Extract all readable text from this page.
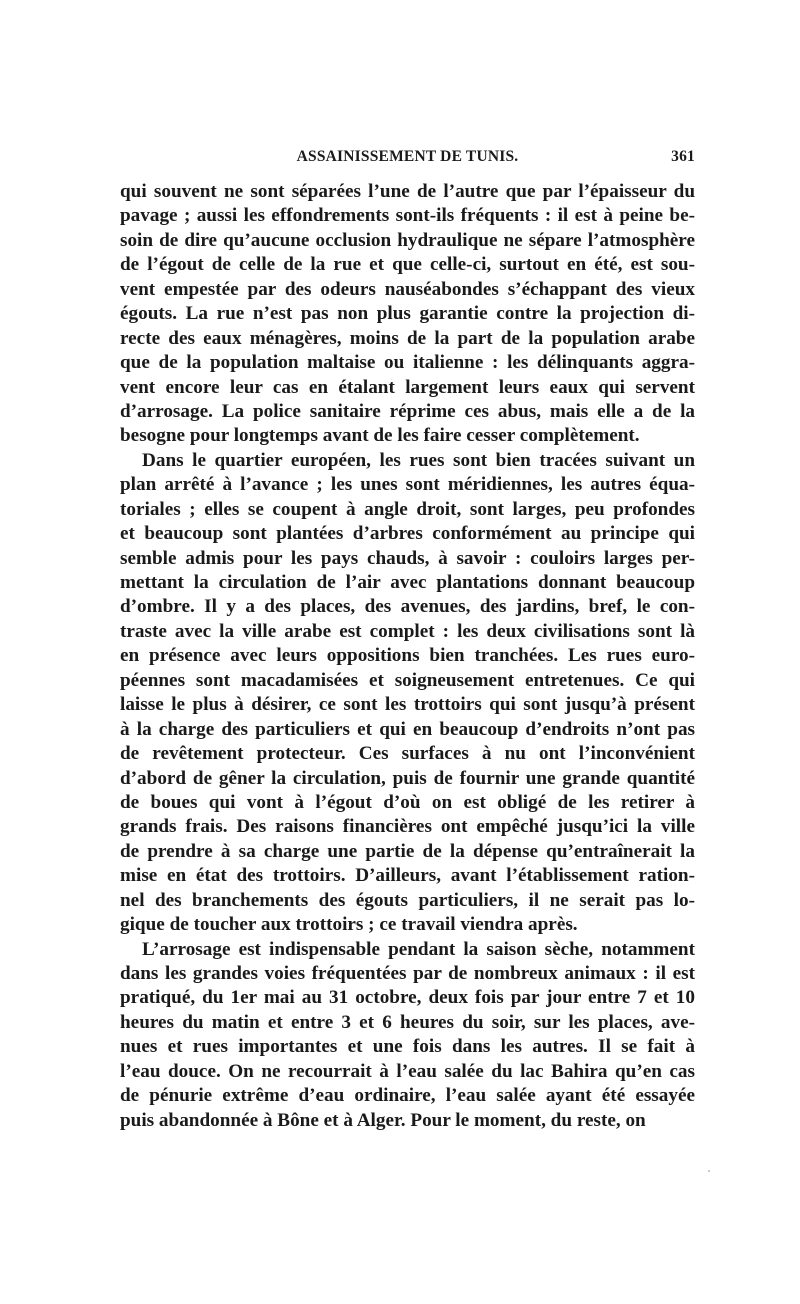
ASSAINISSEMENT DE TUNIS.	361
qui souvent ne sont séparées l’une de l’autre que par l’épaisseur du
pavage ; aussi les effondrements sont-ils fréquents : il est à peine be-
soin de dire qu’aucune occlusion hydraulique ne sépare l’atmosphère
de l’égout de celle de la rue et que celle-ci, surtout en été, est sou-
vent empestée par des odeurs nauséabondes s’échappant des vieux
égouts. La rue n’est pas non plus garantie contre la projection di-
recte des eaux ménagères, moins de la part de la population arabe
que de la population maltaise ou italienne : les délinquants aggra-
vent encore leur cas en étalant largement leurs eaux qui servent
d’arrosage. La police sanitaire réprime ces abus, mais elle a de la
besogne pour longtemps avant de les faire cesser complètement.
Dans le quartier européen, les rues sont bien tracées suivant un
plan arrêté à l’avance ; les unes sont méridiennes, les autres équa-
toriales ; elles se coupent à angle droit, sont larges, peu profondes
et beaucoup sont plantées d’arbres conformément au principe qui
semble admis pour les pays chauds, à savoir : couloirs larges per-
mettant la circulation de l’air avec plantations donnant beaucoup
d’ombre. Il y a des places, des avenues, des jardins, bref, le con-
traste avec la ville arabe est complet : les deux civilisations sont là
en présence avec leurs oppositions bien tranchées. Les rues euro-
péennes sont macadamisées et soigneusement entretenues. Ce qui
laisse le plus à désirer, ce sont les trottoirs qui sont jusqu’à présent
à la charge des particuliers et qui en beaucoup d’endroits n’ont pas
de revêtement protecteur. Ces surfaces à nu ont l’inconvénient
d’abord de gêner la circulation, puis de fournir une grande quantité
de boues qui vont à l’égout d’où on est obligé de les retirer à
grands frais. Des raisons financières ont empêché jusqu’ici la ville
de prendre à sa charge une partie de la dépense qu’entraînerait la
mise en état des trottoirs. D’ailleurs, avant l’établissement ration-
nel des branchements des égouts particuliers, il ne serait pas lo-
gique de toucher aux trottoirs ; ce travail viendra après.
L’arrosage est indispensable pendant la saison sèche, notamment
dans les grandes voies fréquentées par de nombreux animaux : il est
pratiqué, du 1er mai au 31 octobre, deux fois par jour entre 7 et 10
heures du matin et entre 3 et 6 heures du soir, sur les places, ave-
nues et rues importantes et une fois dans les autres. Il se fait à
l’eau douce. On ne recourrait à l’eau salée du lac Bahira qu’en cas
de pénurie extrême d’eau ordinaire, l’eau salée ayant été essayée
puis abandonnée à Bône et à Alger. Pour le moment, du reste, on
